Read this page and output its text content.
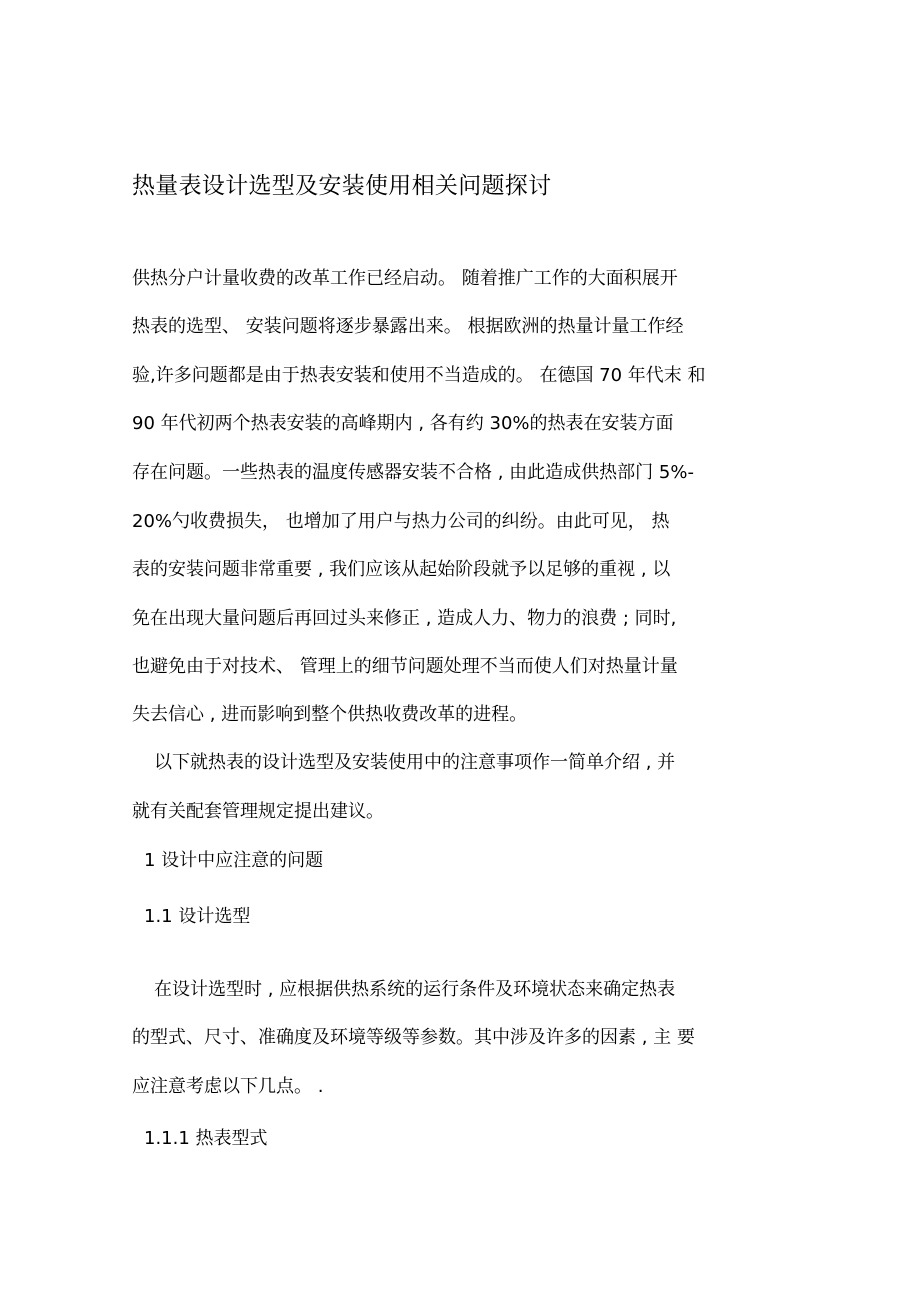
热量表设计选型及安装使用相关问题探讨
供热分户计量收费的改革工作已经启动。 随着推广工作的大面积展开
热表的选型、 安装问题将逐步暴露出来。 根据欧洲的热量计量工作经
验,许多问题都是由于热表安装和使用不当造成的。 在德国 70 年代末 和
90 年代初两个热表安装的高峰期内 , 各有约 30%的热表在安装方面
存在问题。一些热表的温度传感器安装不合格 , 由此造成供热部门 5%-
20%勺收费损失， 也增加了用户与热力公司的纠纷。由此可见， 热
表的安装问题非常重要 , 我们应该从起始阶段就予以足够的重视 , 以
免在出现大量问题后再回过头来修正 , 造成人力、物力的浪费 ; 同时,
也避免由于对技术、 管理上的细节问题处理不当而使人们对热量计量
失去信心 , 进而影响到整个供热收费改革的进程。
以下就热表的设计选型及安装使用中的注意事项作一简单介绍 , 并
就有关配套管理规定提出建议。
1 设计中应注意的问题
1.1 设计选型
在设计选型时 , 应根据供热系统的运行条件及环境状态来确定热表
的型式、尺寸、准确度及环境等级等参数。其中涉及许多的因素 , 主 要
应注意考虑以下几点。 .
1.1.1 热表型式
